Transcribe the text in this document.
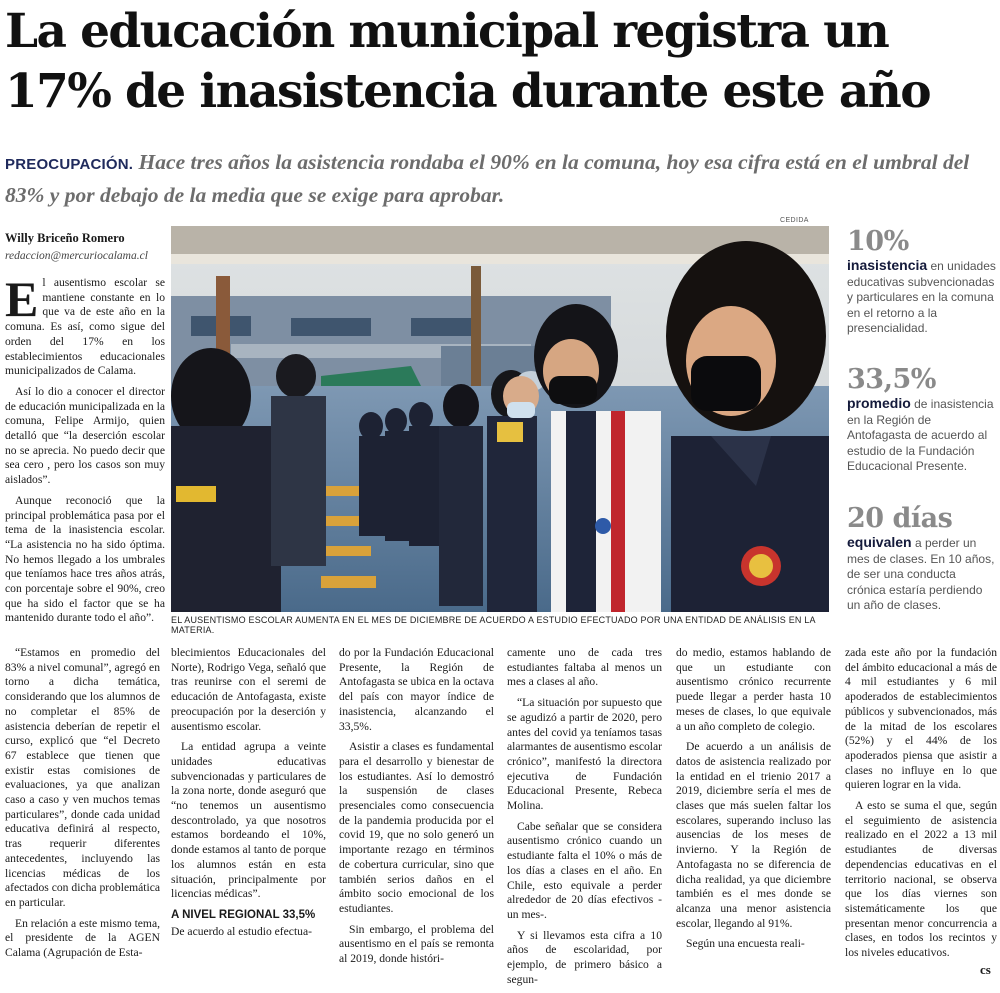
La educación municipal registra un 17% de inasistencia durante este año
PREOCUPACIÓN. Hace tres años la asistencia rondaba el 90% en la comuna, hoy esa cifra está en el umbral del 83% y por debajo de la media que se exige para aprobar.
Willy Briceño Romero
redaccion@mercuriocalama.cl

El ausentismo escolar se mantiene constante en lo que va de este año en la comuna. Es así, como sigue del orden del 17% en los establecimientos educacionales municipalizados de Calama.

Así lo dio a conocer el director de educación municipalizada en la comuna, Felipe Armijo, quien detalló que “la deserción escolar no se aprecia. No puedo decir que sea cero , pero los casos son muy aislados”.

Aunque reconoció que la principal problemática pasa por el tema de la inasistencia escolar. “La asistencia no ha sido óptima. No hemos llegado a los umbrales que teníamos hace tres años atrás, con porcentaje sobre el 90%, creo que ha sido el factor que se ha mantenido durante todo el año”.

CEDIDA
EL AUSENTISMO ESCOLAR AUMENTA EN EL MES DE DICIEMBRE DE ACUERDO A ESTUDIO EFECTUADO POR UNA ENTIDAD DE ANÁLISIS EN LA MATERIA.
10%
inasistencia en unidades educativas subvencionadas y particulares en la comuna en el retorno a la presencialidad.
33,5%
promedio de inasistencia en la Región de Antofagasta de acuerdo al estudio de la Fundación Educacional Presente.
20 días
equivalen a perder un mes de clases. En 10 años, de ser una conducta crónica estaría perdiendo un año de clases.

“Estamos en promedio del 83% a nivel comunal”, agregó en torno a dicha temática, considerando que los alumnos de no completar el 85% de asistencia deberían de repetir el curso, explicó que “el Decreto 67 establece que tienen que existir estas comisiones de evaluaciones, ya que analizan caso a caso y ven muchos temas particulares”, donde cada unidad educativa definirá al respecto, tras requerir diferentes antecedentes, incluyendo las licencias médicas de los afectados con dicha problemática en particular.

En relación a este mismo tema, el presidente de la AGEN Calama (Agrupación de Esta-

blecimientos Educacionales del Norte), Rodrigo Vega, señaló que tras reunirse con el seremi de educación de Antofagasta, existe preocupación por la deserción y ausentismo escolar.

La entidad agrupa a veinte unidades educativas subvencionadas y particulares de la zona norte, donde aseguró que “no tenemos un ausentismo descontrolado, ya que nosotros estamos bordeando el 10%, donde estamos al tanto de porque los alumnos están en esta situación, principalmente por licencias médicas”.

A NIVEL REGIONAL 33,5%

De acuerdo al estudio efectua-

do por la Fundación Educacional Presente, la Región de Antofagasta se ubica en la octava del país con mayor índice de inasistencia, alcanzando el 33,5%.

Asistir a clases es fundamental para el desarrollo y bienestar de los estudiantes. Así lo demostró la suspensión de clases presenciales como consecuencia de la pandemia producida por el covid 19, que no solo generó un importante rezago en términos de cobertura curricular, sino que también serios daños en el ámbito socio emocional de los estudiantes.

Sin embargo, el problema del ausentismo en el país se remonta al 2019, donde históri-

camente uno de cada tres estudiantes faltaba al menos un mes a clases al año.

“La situación por supuesto que se agudizó a partir de 2020, pero antes del covid ya teníamos tasas alarmantes de ausentismo escolar crónico”, manifestó la directora ejecutiva de Fundación Educacional Presente, Rebeca Molina.

Cabe señalar que se considera ausentismo crónico cuando un estudiante falta el 10% o más de los días a clases en el año. En Chile, esto equivale a perder alrededor de 20 días efectivos -un mes-.

Y si llevamos esta cifra a 10 años de escolaridad, por ejemplo, de primero básico a segun-

do medio, estamos hablando de que un estudiante con ausentismo crónico recurrente puede llegar a perder hasta 10 meses de clases, lo que equivale a un año completo de colegio.

De acuerdo a un análisis de datos de asistencia realizado por la entidad en el trienio 2017 a 2019, diciembre sería el mes de clases que más suelen faltar los escolares, superando incluso las ausencias de los meses de invierno. Y la Región de Antofagasta no se diferencia de dicha realidad, ya que diciembre también es el mes donde se alcanza una menor asistencia escolar, llegando al 91%.

Según una encuesta reali-

zada este año por la fundación del ámbito educacional a más de 4 mil estudiantes y 6 mil apoderados de establecimientos públicos y subvencionados, más de la mitad de los escolares (52%) y el 44% de los apoderados piensa que asistir a clases no influye en lo que quieren lograr en la vida.

A esto se suma el que, según el seguimiento de asistencia realizado en el 2022 a 13 mil estudiantes de diversas dependencias educativas en el territorio nacional, se observa que los días viernes son sistemáticamente los que presentan menor concurrencia a clases, en todos los recintos y los niveles educativos.

cs
